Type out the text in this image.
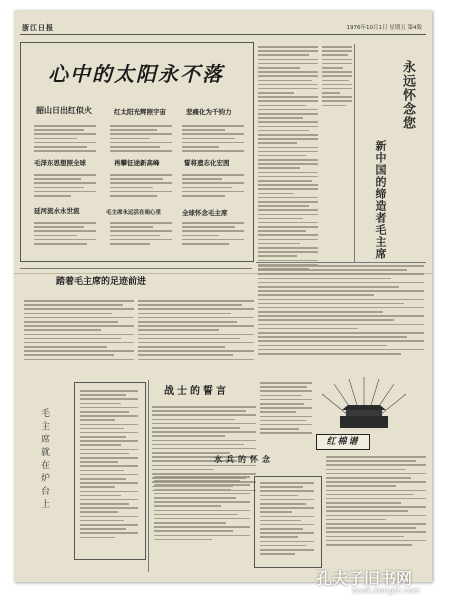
浙江日报	1976年10月1日 星期五 第4版
心中的太阳永不落
韶山日出红似火	红太阳光辉照宇宙	悲痛化为千钧力
毛泽东思想照全球	再攀征途新高峰	誓将遗志化宏图
延河流水永世流	毛主席永远活在咱心里	全球怀念毛主席
永远怀念您
新中国的缔造者毛主席
踏着毛主席的足迹前进
毛主席就在炉台上
战士的誓言
红棉谱
水兵的怀念
孔夫子旧书网
book.kongfz.com
